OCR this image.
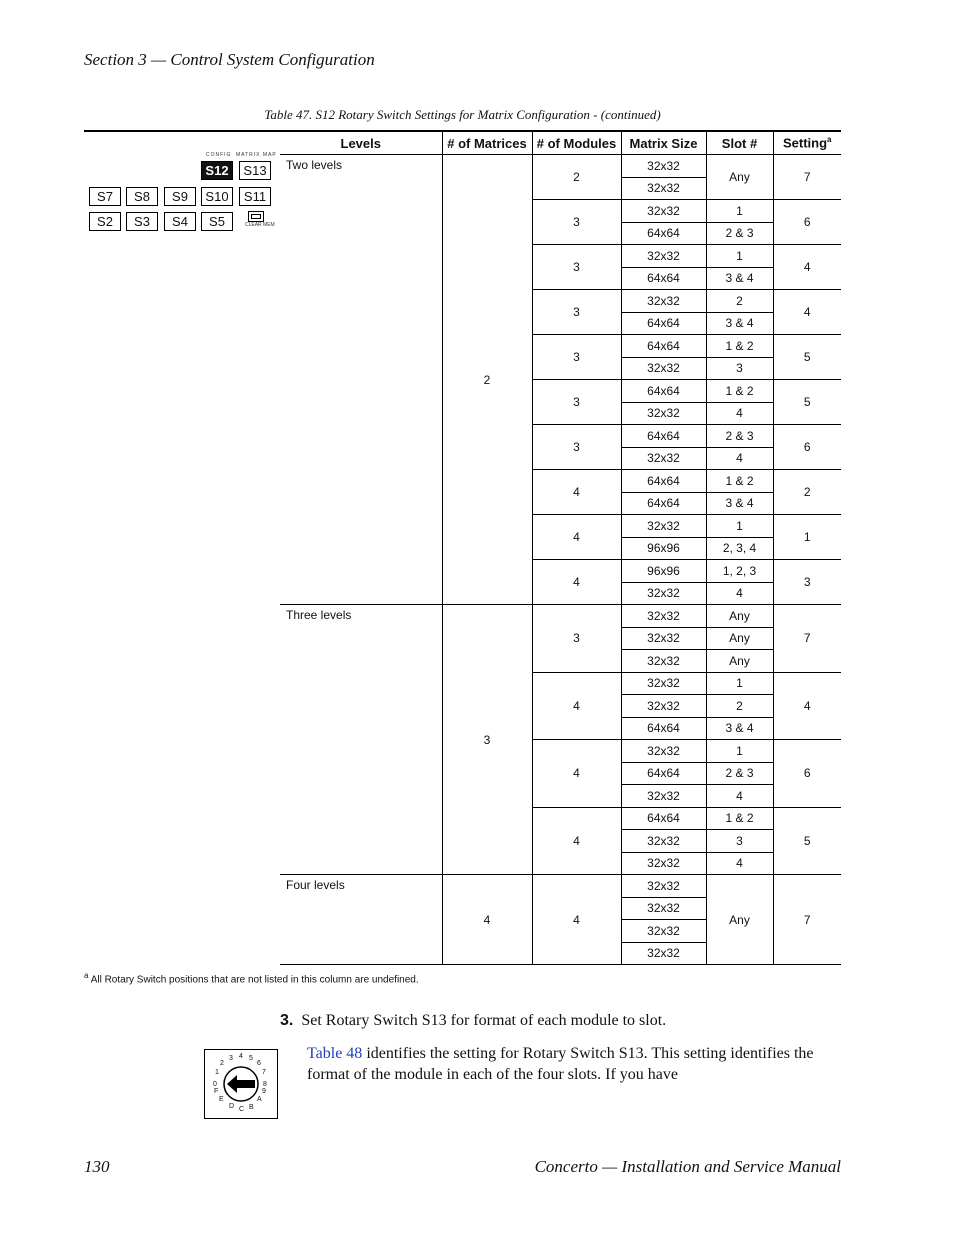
Section 3 — Control System Configuration
Table 47. S12 Rotary Switch Settings for Matrix Configuration - (continued)
CONFIG MATRIX MAP
S12	S13
S7	S8	S9	S10	S11
S2	S3	S4	S5	CLEAR MEM
Levels	# of Matrices	# of Modules	Matrix Size	Slot #	Setting$^a$
Two levels	2	2	32x32	Any	7
			32x32		
		3	32x32	1	6
			64x64	2 & 3	
		3	32x32	1	4
			64x64	3 & 4	
		3	32x32	2	4
			64x64	3 & 4	
		3	64x64	1 & 2	5
			32x32	3	
		3	64x64	1 & 2	5
			32x32	4	
		3	64x64	2 & 3	6
			32x32	4	
		4	64x64	1 & 2	2
			64x64	3 & 4	
		4	32x32	1	1
			96x96	2, 3, 4	
		4	96x96	1, 2, 3	3
			32x32	4	
Three levels	3	3	32x32	Any	7
			32x32	Any	
			32x32	Any	
		4	32x32	1	4
			32x32	2	
			64x64	3 & 4	
		4	32x32	1	6
			64x64	2 & 3	
			32x32	4	
		4	64x64	1 & 2	5
			32x32	3	
			32x32	4	
Four levels	4	4	32x32	Any	7
			32x32		
			32x32		
			32x32		
$^a$ All Rotary Switch positions that are not listed in this column are undefined.
3. Set Rotary Switch S13 for format of each module to slot.
0
1
2
3 4 5
6
7
8
9
A
B
C
D
E
F
Table 48 identifies the setting for Rotary Switch S13. This setting identifies the format of the module in each of the four slots. If you have
130	Concerto — Installation and Service Manual
